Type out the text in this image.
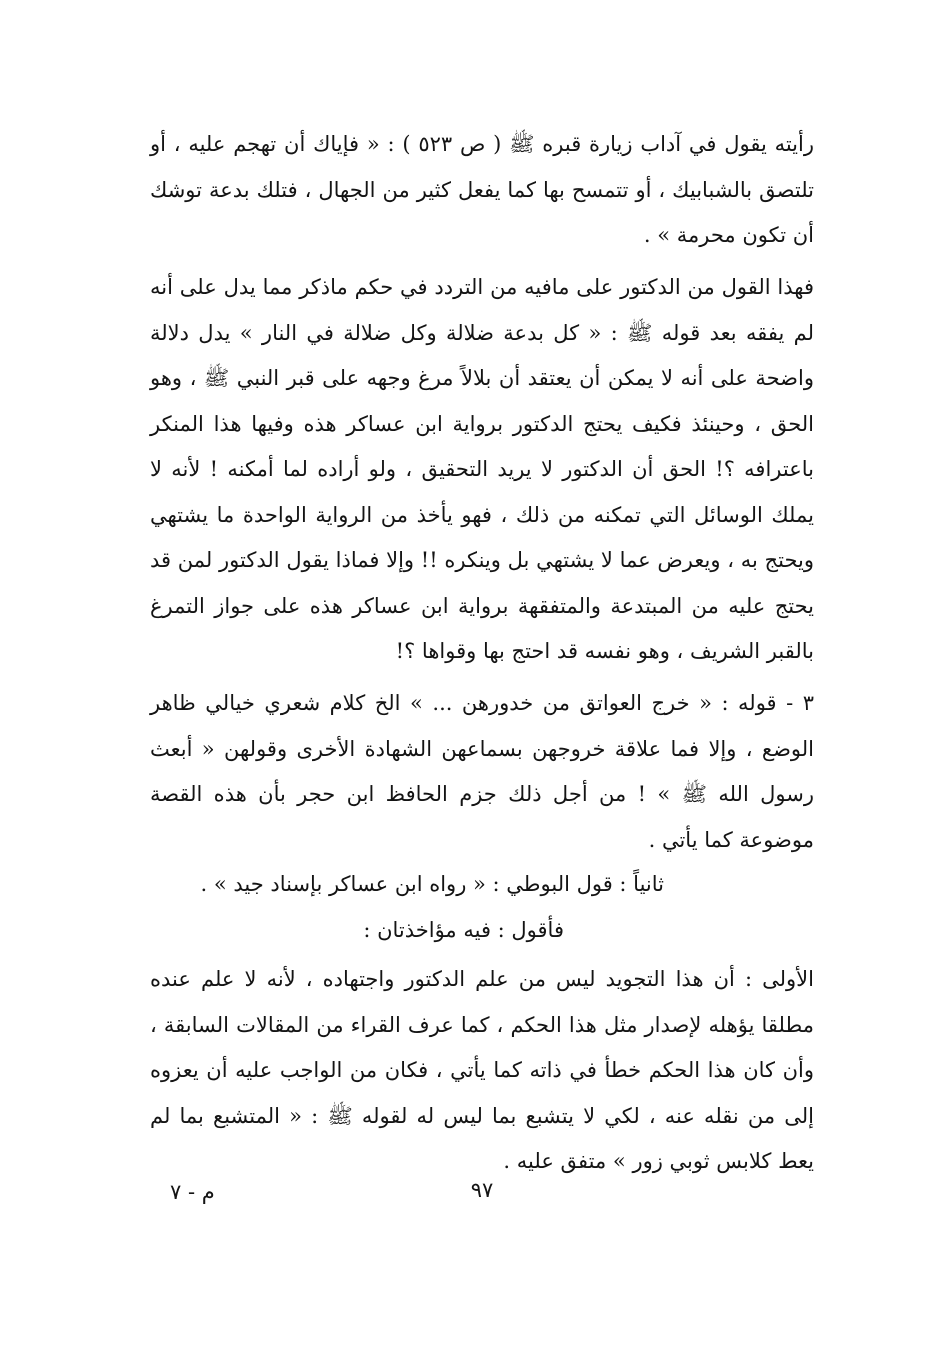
رأيته يقول في آداب زيارة قبره ﷺ ( ص ٥٢٣ ) : « فإياك أن تهجم عليه ، أو تلتصق بالشبابيك ، أو تتمسح بها كما يفعل كثير من الجهال ، فتلك بدعة توشك أن تكون محرمة » .

فهذا القول من الدكتور على مافيه من التردد في حكم ماذكر مما يدل على أنه لم يفقه بعد قوله ﷺ : « كل بدعة ضلالة وكل ضلالة في النار » يدل دلالة واضحة على أنه لا يمكن أن يعتقد أن بلالاً مرغ وجهه على قبر النبي ﷺ ، وهو الحق ، وحينئذ فكيف يحتج الدكتور برواية ابن عساكر هذه وفيها هذا المنكر باعترافه ؟! الحق أن الدكتور لا يريد التحقيق ، ولو أراده لما أمكنه ! لأنه لا يملك الوسائل التي تمكنه من ذلك ، فهو يأخذ من الرواية الواحدة ما يشتهي ويحتج به ، ويعرض عما لا يشتهي بل وينكره !! وإلا فماذا يقول الدكتور لمن قد يحتج عليه من المبتدعة والمتفقهة برواية ابن عساكر هذه على جواز التمرغ بالقبر الشريف ، وهو نفسه قد احتج بها وقواها ؟!

٣ - قوله : « خرج العواتق من خدورهن ... » الخ كلام شعري خيالي ظاهر الوضع ، وإلا فما علاقة خروجهن بسماعهن الشهادة الأخرى وقولهن « أبعث رسول الله ﷺ » ! من أجل ذلك جزم الحافظ ابن حجر بأن هذه القصة موضوعة كما يأتي .

ثانياً : قول البوطي : « رواه ابن عساكر بإسناد جيد » .

فأقول : فيه مؤاخذتان :

الأولى : أن هذا التجويد ليس من علم الدكتور واجتهاده ، لأنه لا علم عنده مطلقا يؤهله لإصدار مثل هذا الحكم ، كما عرف القراء من المقالات السابقة ، وأن كان هذا الحكم خطأ في ذاته كما يأتي ، فكان من الواجب عليه أن يعزوه إلى من نقله عنه ، لكي لا يتشبع بما ليس له لقوله ﷺ : « المتشبع بما لم يعط كلابس ثوبي زور » متفق عليه .

٩٧
م - ٧
